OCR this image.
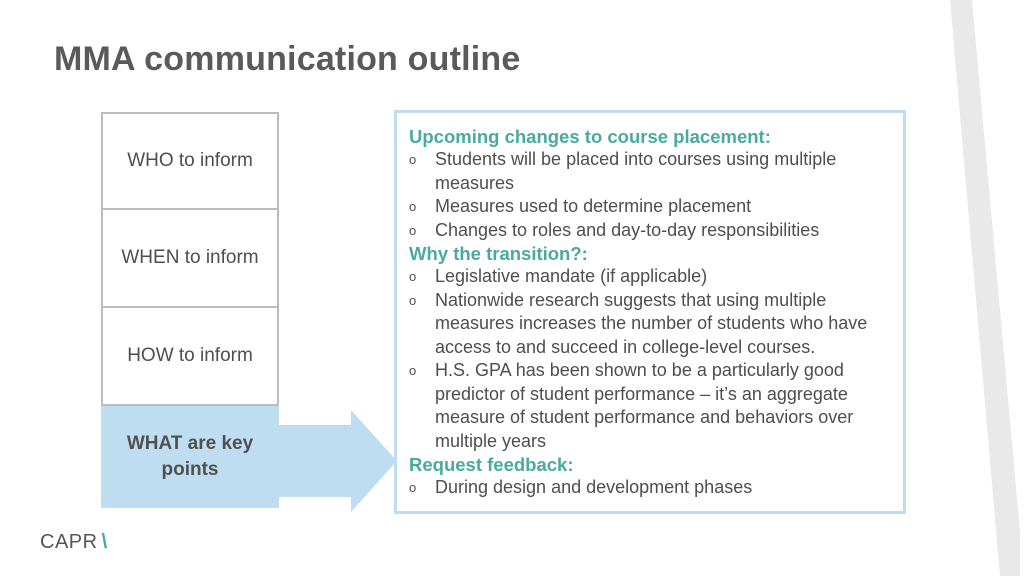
MMA communication outline
WHO to inform
WHEN to inform
HOW to inform
WHAT are key points
Upcoming changes to course placement:
o Students will be placed into courses using multiple measures
o Measures used to determine placement
o Changes to roles and day-to-day responsibilities
Why the transition?:
o Legislative mandate (if applicable)
o Nationwide research suggests that using multiple measures increases the number of students who have access to and succeed in college-level courses.
o H.S. GPA has been shown to be a particularly good predictor of student performance – it’s an aggregate measure of student performance and behaviors over multiple years
Request feedback:
o During design and development phases
CAPR \
